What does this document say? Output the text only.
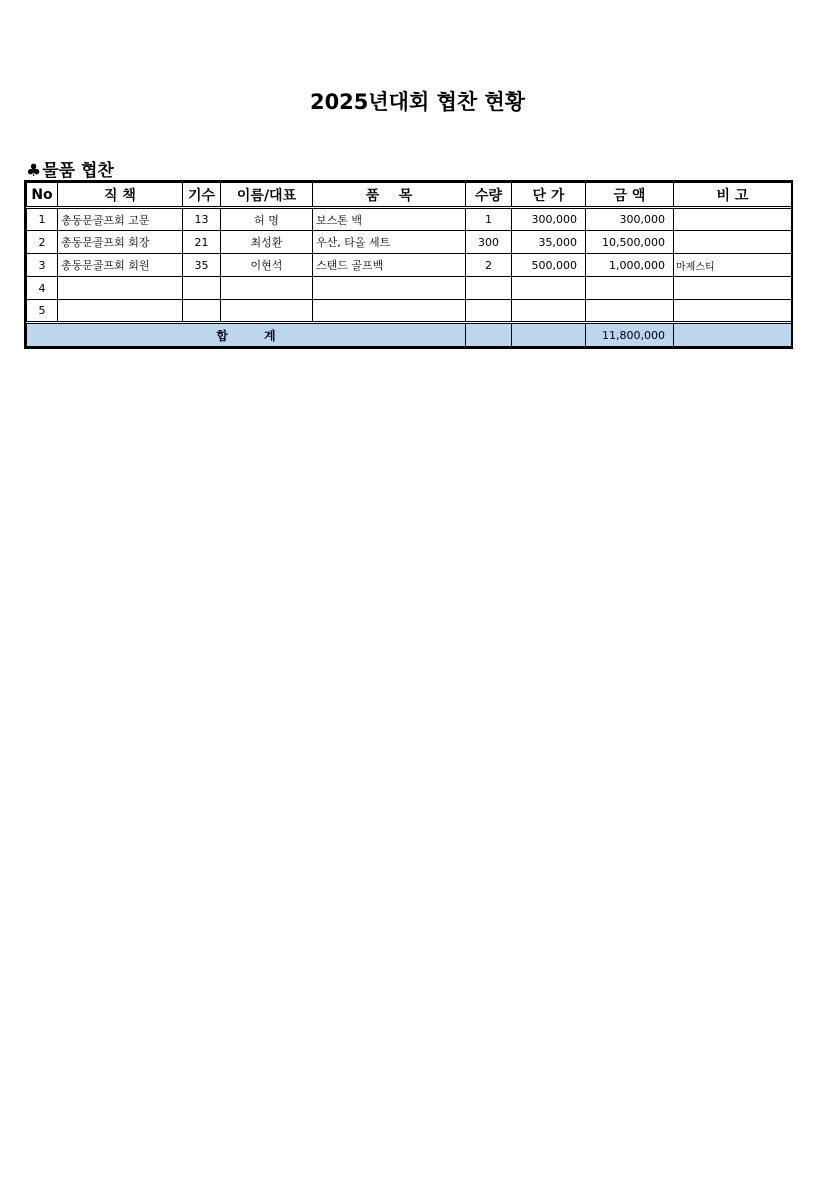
2025년대회 협찬 현황
♣물품 협찬
No	직 책	기수	이름/대표	품    목	수량	단 가	금 액	비 고
1	총동문골프회 고문	13	허 명	보스톤 백	1	300,000	300,000	
2	총동문골프회 회장	21	최성환	우산, 타올 세트	300	35,000	10,500,000	
3	총동문골프회 회원	35	이현석	스탠드 골프백	2	500,000	1,000,000	마제스티
4								
5								
합 계							11,800,000	
